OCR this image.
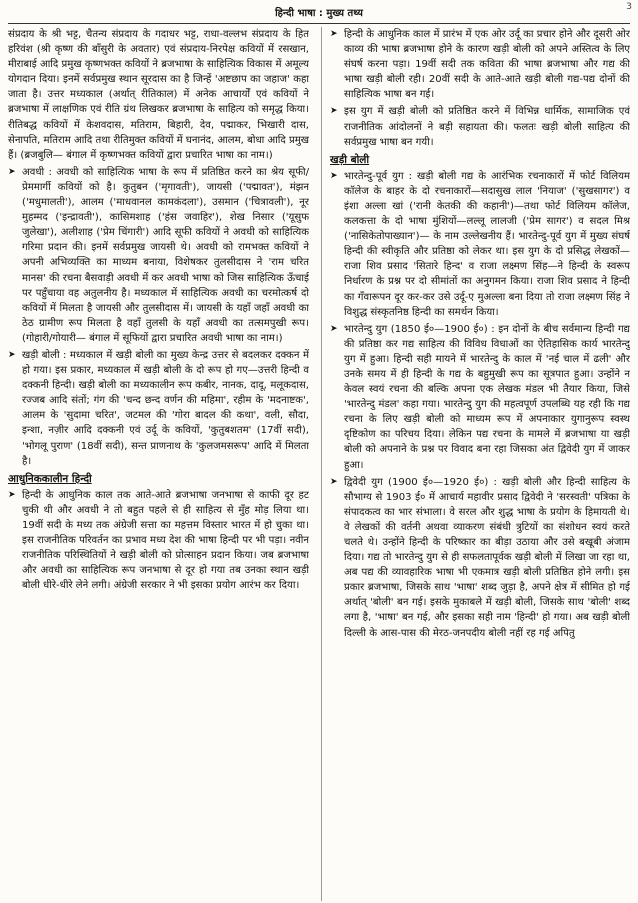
हिन्दी भाषा : मुख्य तथ्य
3

संप्रदाय के श्री भट्ट, चैतन्य संप्रदाय के गदाधर भट्ट, राधा-वल्लभ संप्रदाय के हित हरिवंश (श्री कृष्ण की बाँसुरी के अवतार) एवं संप्रदाय-निरपेक्ष कवियों में रसखान, मीराबाई आदि प्रमुख कृष्णभक्त कवियों ने ब्रजभाषा के साहित्यिक विकास में अमूल्य योगदान दिया। इनमें सर्वप्रमुख स्थान सूरदास का है जिन्हें 'अष्टछाप का जहाज' कहा जाता है। उत्तर मध्यकाल (अर्थात् रीतिकाल) में अनेक आचार्यों एवं कवियों ने ब्रजभाषा में लाक्षणिक एवं रीति ग्रंथ लिखकर ब्रजभाषा के साहित्य को समृद्ध किया। रीतिबद्ध कवियों में केशवदास, मतिराम, बिहारी, देव, पद्माकर, भिखारी दास, सेनापति, मतिराम आदि तथा रीतिमुक्त कवियों में घनानंद, आलम, बोधा आदि प्रमुख हैं। (ब्रजबुलि— बंगाल में कृष्णभक्त कवियों द्वारा प्रचारित भाषा का नाम।)

➤ अवधी : अवधी को साहित्यिक भाषा के रूप में प्रतिष्ठित करने का श्रेय सूफी/प्रेममार्गी कवियों को है। कुतुबन ('मृगावती'), जायसी ('पद्मावत'), मंझन ('मधुमालती'), आलम ('माधवानल कामकंदला'), उसमान ('चित्रावली'), नूर मुहम्मद ('इन्द्रावती'), कासिमशाह ('हंस जवाहिर'), शेख निसार ('यूसुफ जुलेखा'), अलीशाह ('प्रेम चिंगारी') आदि सूफी कवियों ने अवधी को साहित्यिक गरिमा प्रदान की। इनमें सर्वप्रमुख जायसी थे। अवधी को रामभक्त कवियों ने अपनी अभिव्यक्ति का माध्यम बनाया, विशेषकर तुलसीदास ने 'राम चरित मानस' की रचना बैसवाड़ी अवधी में कर अवधी भाषा को जिस साहित्यिक ऊँचाई पर पहुँचाया वह अतुलनीय है। मध्यकाल में साहित्यिक अवधी का चरमोत्कर्ष दो कवियों में मिलता है जायसी और तुलसीदास में। जायसी के यहाँ जहाँ अवधी का ठेठ ग्रामीण रूप मिलता है वहाँ तुलसी के यहाँ अवधी का तत्समपुखी रूप। (गोहारी/गोयारी— बंगाल में सूफियों द्वारा प्रचारित अवधी भाषा का नाम।)

➤ खड़ी बोली : मध्यकाल में खड़ी बोली का मुख्य केन्द्र उत्तर से बदलकर दक्कन में हो गया। इस प्रकार, मध्यकाल में खड़ी बोली के दो रूप हो गए—उत्तरी हिन्दी व दक्कनी हिन्दी। खड़ी बोली का मध्यकालीन रूप कबीर, नानक, दादू, मलूकदास, रज्जब आदि संतों; गंग की 'चन्द छन्द वर्णन की महिमा', रहीम के 'मदनाष्टक', आलम के 'सुदामा चरित', जटमल की 'गोरा बादल की कथा', वली, सौदा, इन्शा, नज़ीर आदि दक्कनी एवं उर्दू के कवियों, 'कुतुबशतम' (17वीं सदी), 'भोगलू पुराण' (18वीं सदी), सन्त प्राणनाथ के 'कुलजमसरूप' आदि में मिलता है।

आधुनिककालीन हिन्दी

➤ हिन्दी के आधुनिक काल तक आते-आते ब्रजभाषा जनभाषा से काफी दूर हट चुकी थी और अवधी ने तो बहुत पहले से ही साहित्य से मुँह मोड़ लिया था। 19वीं सदी के मध्य तक अंग्रेजी सत्ता का महत्तम विस्तार भारत में हो चुका था। इस राजनीतिक परिवर्तन का प्रभाव मध्य देश की भाषा हिन्दी पर भी पड़ा। नवीन राजनीतिक परिस्थितियों ने खड़ी बोली को प्रोत्साहन प्रदान किया। जब ब्रजभाषा और अवधी का साहित्यिक रूप जनभाषा से दूर हो गया तब उनका स्थान खड़ी बोली धीरे-धीरे लेने लगी। अंग्रेजी सरकार ने भी इसका प्रयोग आरंभ कर दिया।

➤ हिन्दी के आधुनिक काल में प्रारंभ में एक ओर उर्दू का प्रचार होने और दूसरी ओर काव्य की भाषा ब्रजभाषा होने के कारण खड़ी बोली को अपने अस्तित्व के लिए संघर्ष करना पड़ा। 19वीं सदी तक कविता की भाषा ब्रजभाषा और गद्य की भाषा खड़ी बोली रही। 20वीं सदी के आते-आते खड़ी बोली गद्य-पद्य दोनों की साहित्यिक भाषा बन गई।

➤ इस युग में खड़ी बोली को प्रतिष्ठित करने में विभिन्न धार्मिक, सामाजिक एवं राजनीतिक आंदोलनों ने बड़ी सहायता की। फलतः खड़ी बोली साहित्य की सर्वप्रमुख भाषा बन गयी।

खड़ी बोली

➤ भारतेन्दु-पूर्व युग : खड़ी बोली गद्य के आरंभिक रचनाकारों में फोर्ट विलियम कॉलेज के बाहर के दो रचनाकारों—सदासुख लाल 'नियाज' ('सुखसागर') व इंशा अल्ला खां ('रानी केतकी की कहानी')—तथा फोर्ट विलियम कॉलेज, कलकत्ता के दो भाषा मुंशियों—लल्लू लालजी ('प्रेम सागर') व सदल मिश्र ('नासिकेतोपाख्यान')— के नाम उल्लेखनीय हैं। भारतेन्दु-पूर्व युग में मुख्य संघर्ष हिन्दी की स्वीकृति और प्रतिष्ठा को लेकर था। इस युग के दो प्रसिद्ध लेखकों—राजा शिव प्रसाद 'सितारे हिन्द' व राजा लक्ष्मण सिंह—ने हिन्दी के स्वरूप निर्धारण के प्रश्न पर दो सीमांतों का अनुगमन किया। राजा शिव प्रसाद ने हिन्दी का गँवारूपन दूर कर-कर उसे उर्दू-ए मुअल्ला बना दिया तो राजा लक्ष्मण सिंह ने विशुद्ध संस्कृतनिष्ठ हिन्दी का समर्थन किया।

➤ भारतेन्दु युग (1850 ई०—1900 ई०) : इन दोनों के बीच सर्वमान्य हिन्दी गद्य की प्रतिष्ठा कर गद्य साहित्य की विविध विधाओं का ऐतिहासिक कार्य भारतेन्दु युग में हुआ। हिन्दी सही मायने में भारतेन्दु के काल में 'नई चाल में ढली' और उनके समय में ही हिन्दी के गद्य के बहुमुखी रूप का सूत्रपात हुआ। उन्होंने न केवल स्वयं रचना की बल्कि अपना एक लेखक मंडल भी तैयार किया, जिसे 'भारतेन्दु मंडल' कहा गया। भारतेन्दु युग की महत्वपूर्ण उपलब्धि यह रही कि गद्य रचना के लिए खड़ी बोली को माध्यम रूप में अपनाकार युगानुरूप स्वस्थ दृष्टिकोण का परिचय दिया। लेकिन पद्य रचना के मामले में ब्रजभाषा या खड़ी बोली को अपनाने के प्रश्न पर विवाद बना रहा जिसका अंत द्विवेदी युग में जाकर हुआ।

➤ द्विवेदी युग (1900 ई०—1920 ई०) : खड़ी बोली और हिन्दी साहित्य के सौभाग्य से 1903 ई० में आचार्य महावीर प्रसाद द्विवेदी ने 'सरस्वती' पत्रिका के संपादकत्व का भार संभाला। वे सरल और शुद्ध भाषा के प्रयोग के हिमायती थे। वे लेखकों की वर्तनी अथवा व्याकरण संबंधी त्रुटियों का संशोधन स्वयं करते चलते थे। उन्होंने हिन्दी के परिष्कार का बीड़ा उठाया और उसे बखूबी अंजाम दिया। गद्य तो भारतेन्दु युग से ही सफलतापूर्वक खड़ी बोली में लिखा जा रहा था, अब पद्य की व्यावहारिक भाषा भी एकमात्र खड़ी बोली प्रतिष्ठित होने लगी। इस प्रकार ब्रजभाषा, जिसके साथ 'भाषा' शब्द जुड़ा है, अपने क्षेत्र में सीमित हो गई अर्थात् 'बोली' बन गई। इसके मुकाबले में खड़ी बोली, जिसके साथ 'बोली' शब्द लगा है, 'भाषा' बन गई, और इसका सही नाम 'हिन्दी' हो गया। अब खड़ी बोली दिल्ली के आस-पास की मेरठ-जनपदीय बोली नहीं रह गई अपितु
